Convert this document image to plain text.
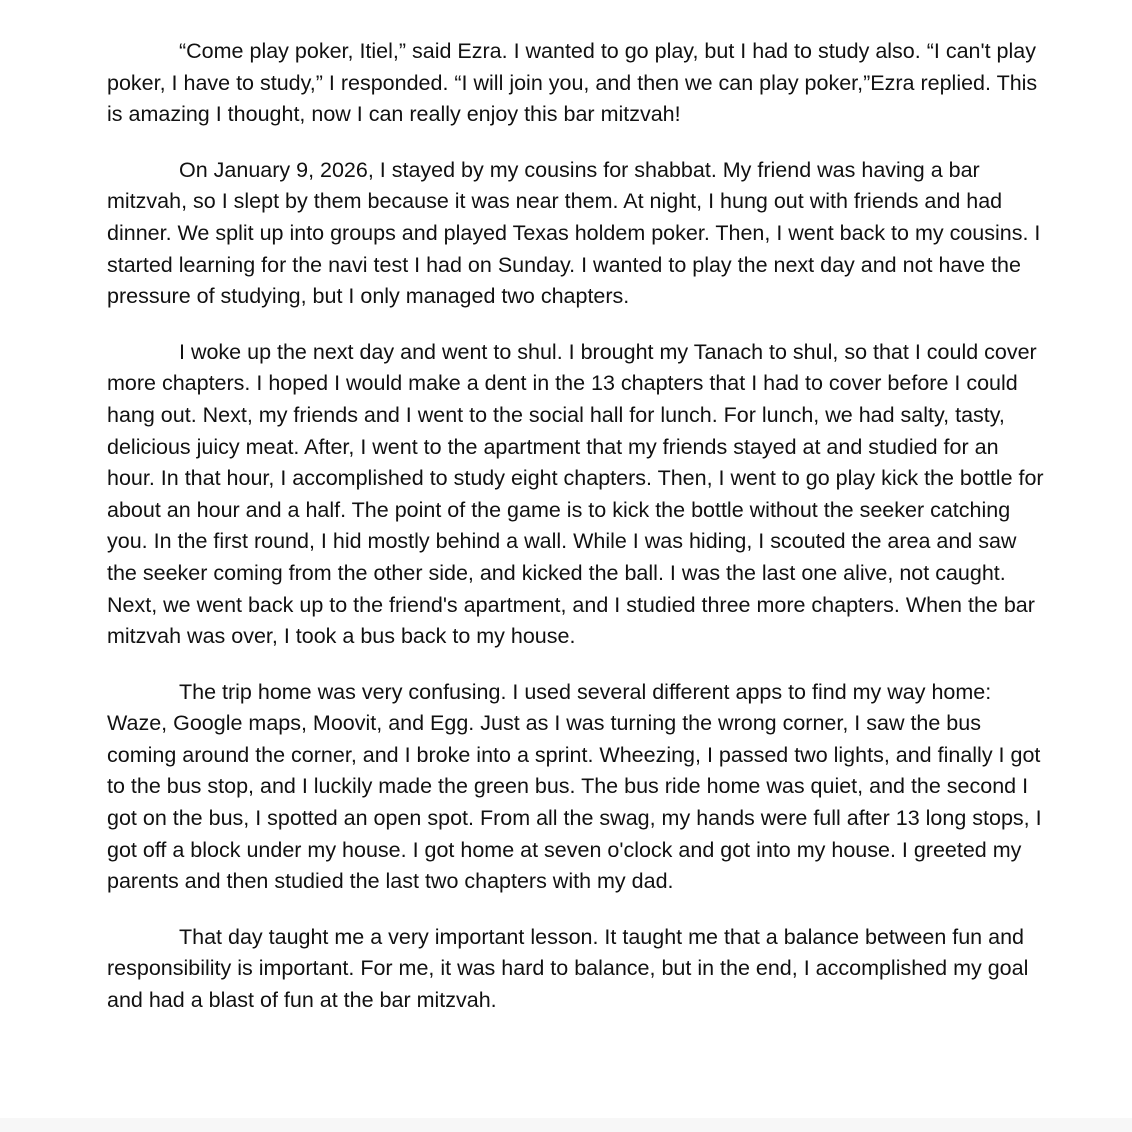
“Come play poker, Itiel,” said Ezra. I wanted to go play, but I had to study also. “I can't play poker, I have to study,” I responded. “I will join you, and then we can play poker,”Ezra replied. This is amazing I thought, now I can really enjoy this bar mitzvah!

On January 9, 2026, I stayed by my cousins for shabbat. My friend was having a bar mitzvah, so I slept by them because it was near them. At night, I hung out with friends and had dinner. We split up into groups and played Texas holdem poker. Then, I went back to my cousins. I started learning for the navi test I had on Sunday. I wanted to play the next day and not have the pressure of studying, but I only managed two chapters.

I woke up the next day and went to shul. I brought my Tanach to shul, so that I could cover more chapters. I hoped I would make a dent in the 13 chapters that I had to cover before I could hang out. Next, my friends and I went to the social hall for lunch. For lunch, we had salty, tasty, delicious juicy meat. After, I went to the apartment that my friends stayed at and studied for an hour. In that hour, I accomplished to study eight chapters. Then, I went to go play kick the bottle for about an hour and a half. The point of the game is to kick the bottle without the seeker catching you. In the first round, I hid mostly behind a wall. While I was hiding, I scouted the area and saw the seeker coming from the other side, and kicked the ball. I was the last one alive, not caught. Next, we went back up to the friend's apartment, and I studied three more chapters. When the bar mitzvah was over, I took a bus back to my house.

The trip home was very confusing. I used several different apps to find my way home: Waze, Google maps, Moovit, and Egg. Just as I was turning the wrong corner, I saw the bus coming around the corner, and I broke into a sprint. Wheezing, I passed two lights, and finally I got to the bus stop, and I luckily made the green bus. The bus ride home was quiet, and the second I got on the bus, I spotted an open spot. From all the swag, my hands were full after 13 long stops, I got off a block under my house. I got home at seven o'clock and got into my house. I greeted my parents and then studied the last two chapters with my dad.

That day taught me a very important lesson. It taught me that a balance between fun and responsibility is important. For me, it was hard to balance, but in the end, I accomplished my goal and had a blast of fun at the bar mitzvah.
